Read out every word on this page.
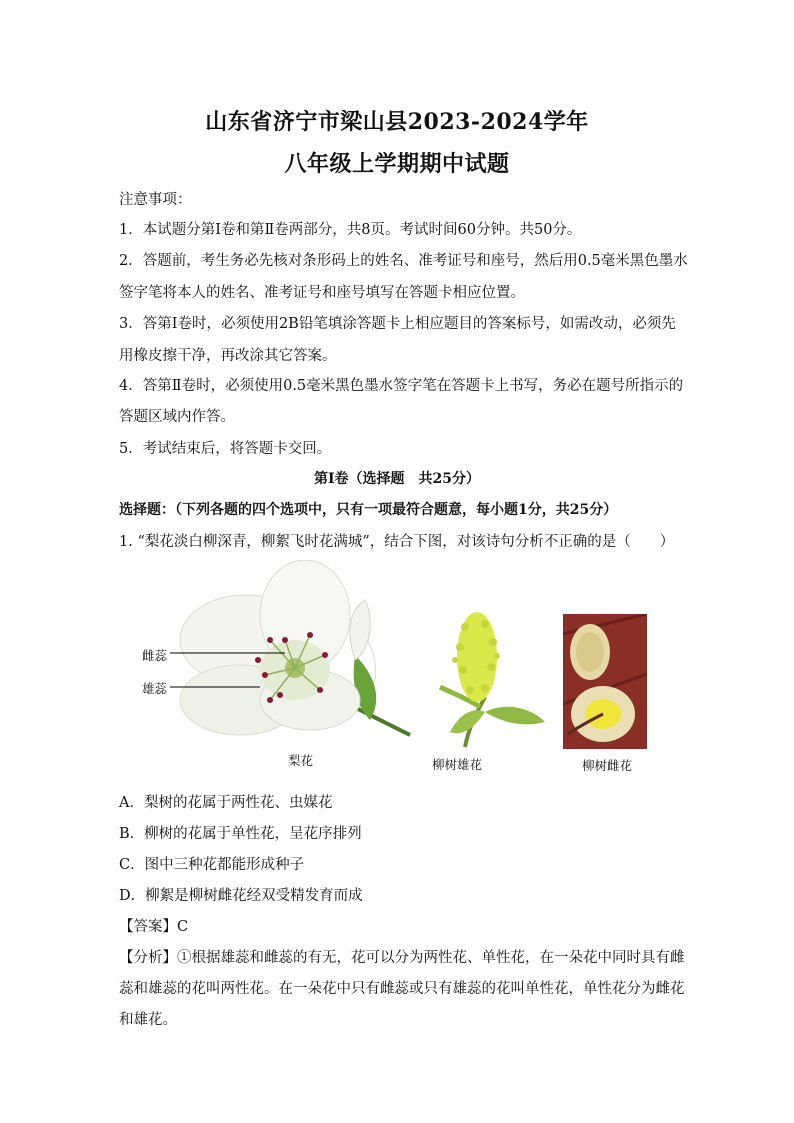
山东省济宁市梁山县2023-2024学年
八年级上学期期中试题
注意事项：
1．本试题分第Ⅰ卷和第Ⅱ卷两部分，共8页。考试时间60分钟。共50分。
2．答题前，考生务必先核对条形码上的姓名、准考证号和座号，然后用0.5毫米黑色墨水
签字笔将本人的姓名、准考证号和座号填写在答题卡相应位置。
3．答第Ⅰ卷时，必须使用2B铅笔填涂答题卡上相应题目的答案标号，如需改动，必须先
用橡皮擦干净，再改涂其它答案。
4．答第Ⅱ卷时，必须使用0.5毫米黑色墨水签字笔在答题卡上书写，务必在题号所指示的
答题区域内作答。
5．考试结束后，将答题卡交回。
第Ⅰ卷（选择题　共25分）
选择题：（下列各题的四个选项中，只有一项最符合题意，每小题1分，共25分）
1. “梨花淡白柳深青，柳絮飞时花满城”，结合下图，对该诗句分析不正确的是（　　）
雌蕊
雄蕊
梨花	柳树雄花	柳树雌花
A．梨树的花属于两性花、虫媒花
B．柳树的花属于单性花，呈花序排列
C．图中三种花都能形成种子
D．柳絮是柳树雌花经双受精发育而成
【答案】C
【分析】①根据雄蕊和雌蕊的有无，花可以分为两性花、单性花，在一朵花中同时具有雌
蕊和雄蕊的花叫两性花。在一朵花中只有雌蕊或只有雄蕊的花叫单性花，单性花分为雌花
和雄花。
